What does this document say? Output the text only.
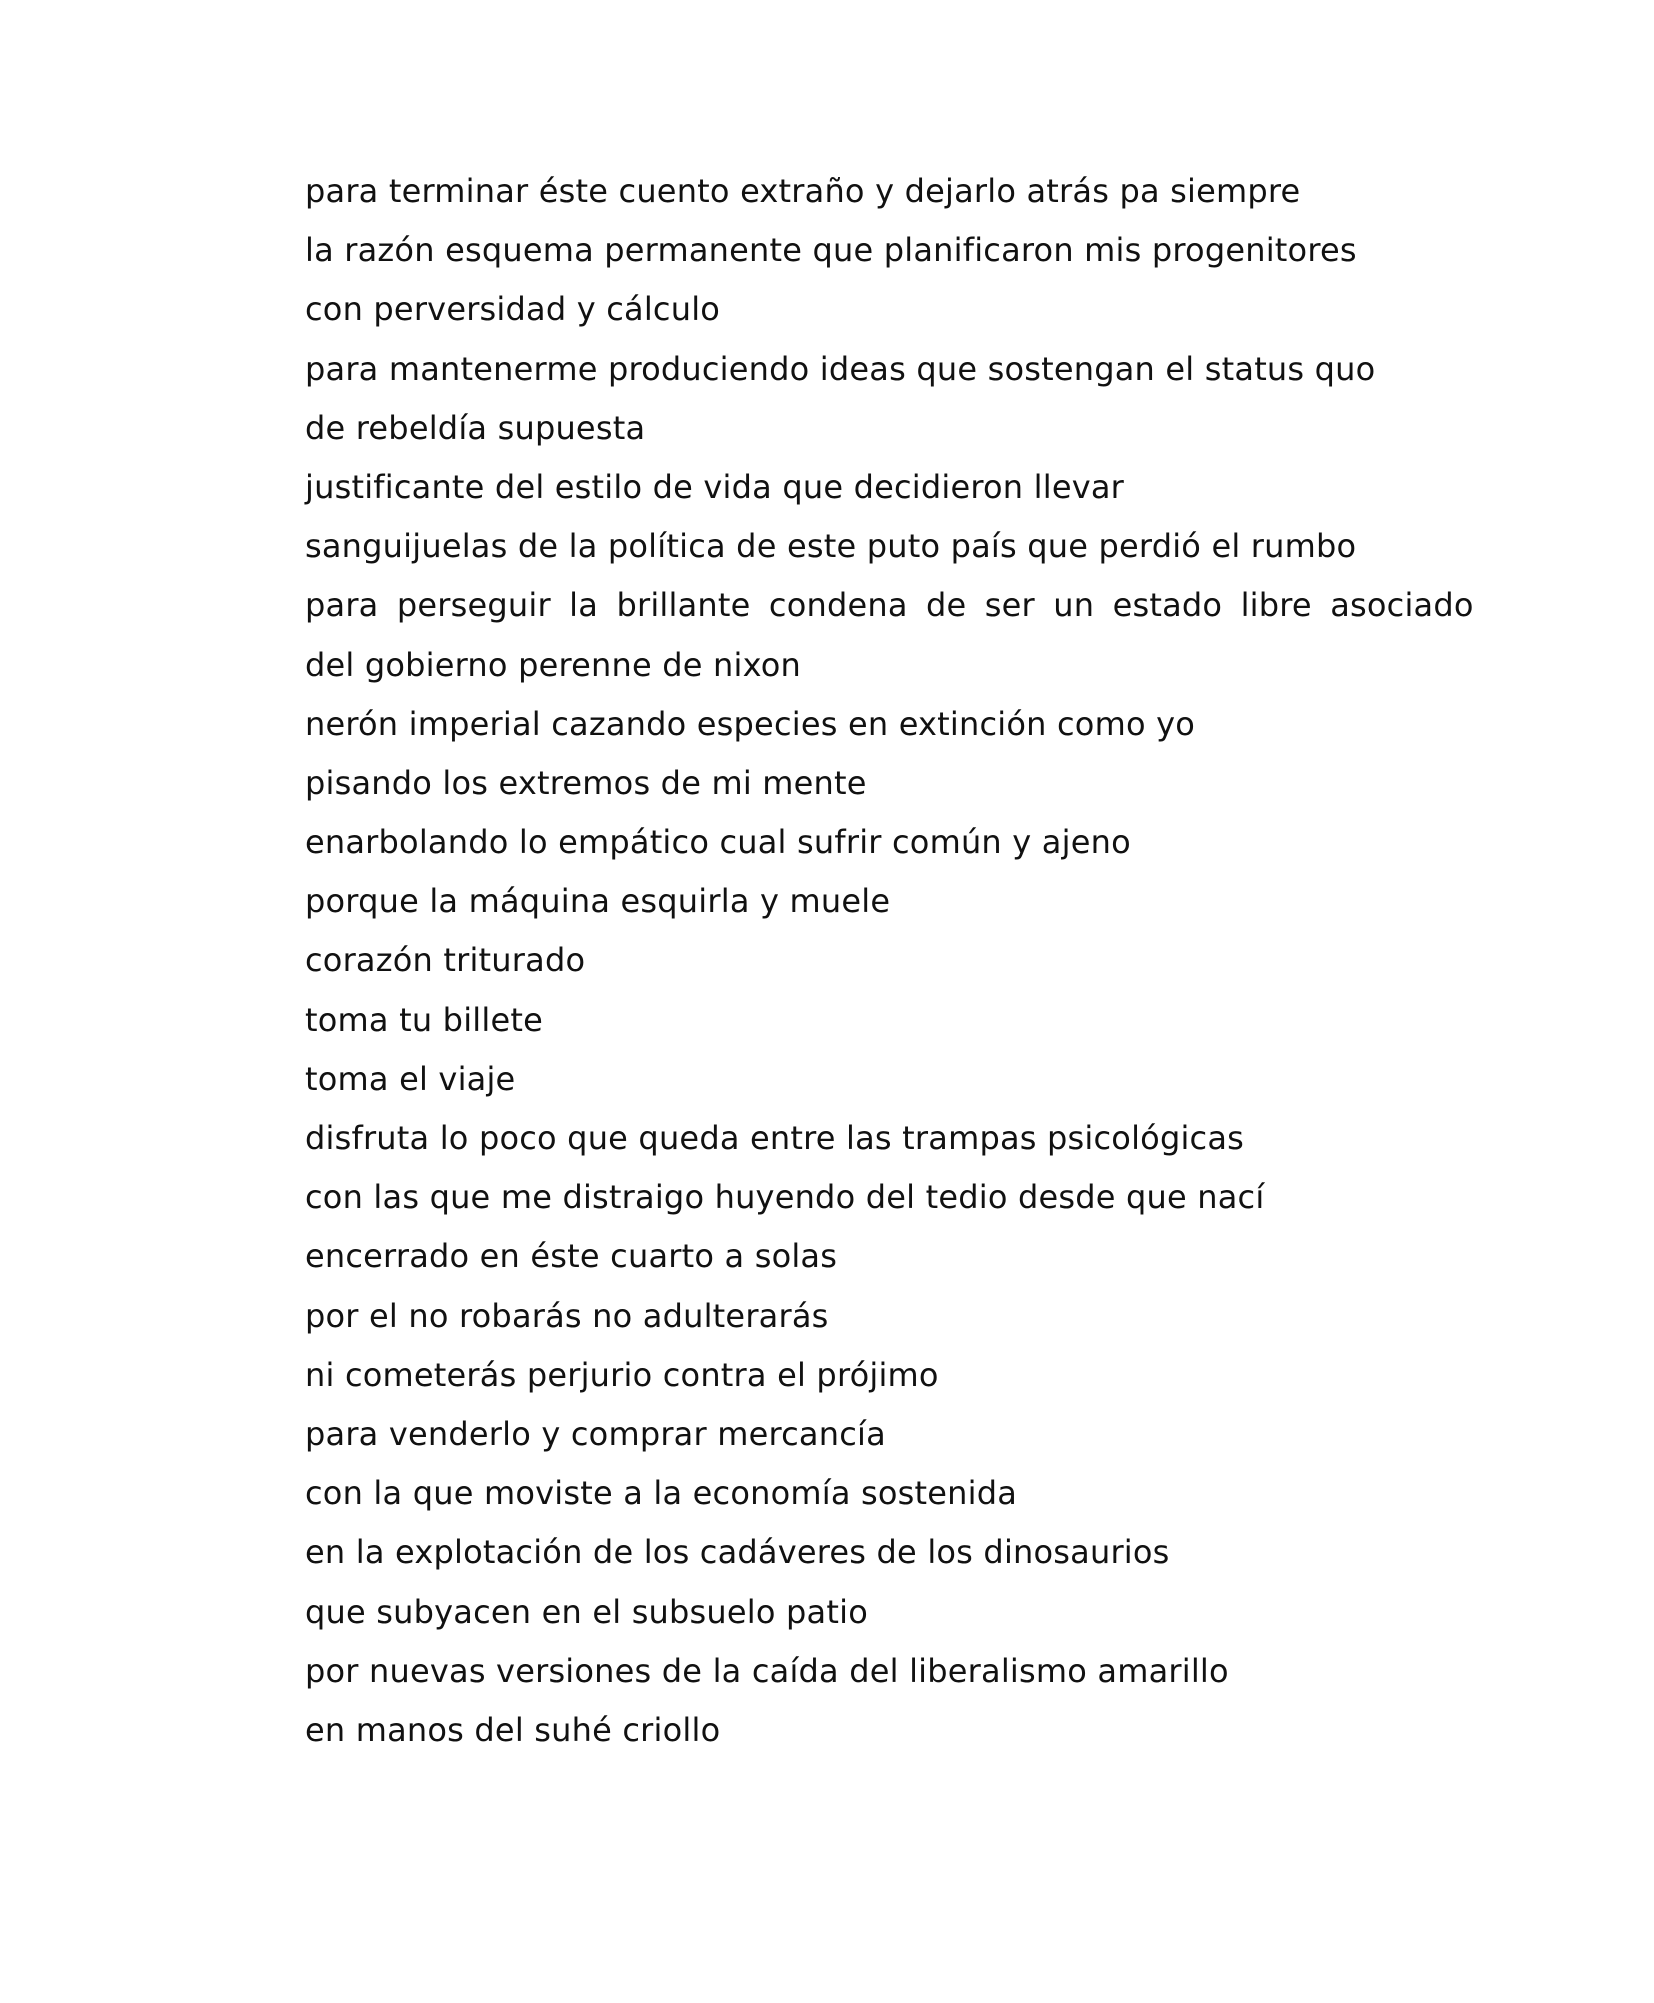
para terminar éste cuento extraño y dejarlo atrás pa siempre
la razón esquema permanente que planificaron mis progenitores
con perversidad y cálculo
para mantenerme produciendo ideas que sostengan el status quo
de rebeldía supuesta
justificante del estilo de vida que decidieron llevar
sanguijuelas de la política de este puto país que perdió el rumbo
para perseguir la brillante condena de ser un estado libre asociado
del gobierno perenne de nixon
nerón imperial cazando especies en extinción como yo
pisando los extremos de mi mente
enarbolando lo empático cual sufrir común y ajeno
porque la máquina esquirla y muele
corazón triturado
toma tu billete
toma el viaje
disfruta lo poco que queda entre las trampas psicológicas
con las que me distraigo huyendo del tedio desde que nací
encerrado en éste cuarto a solas
por el no robarás no adulterarás
ni cometerás perjurio contra el prójimo
para venderlo y comprar mercancía
con la que moviste a la economía sostenida
en la explotación de los cadáveres de los dinosaurios
que subyacen en el subsuelo patio
por nuevas versiones de la caída del liberalismo amarillo
en manos del suhé criollo
